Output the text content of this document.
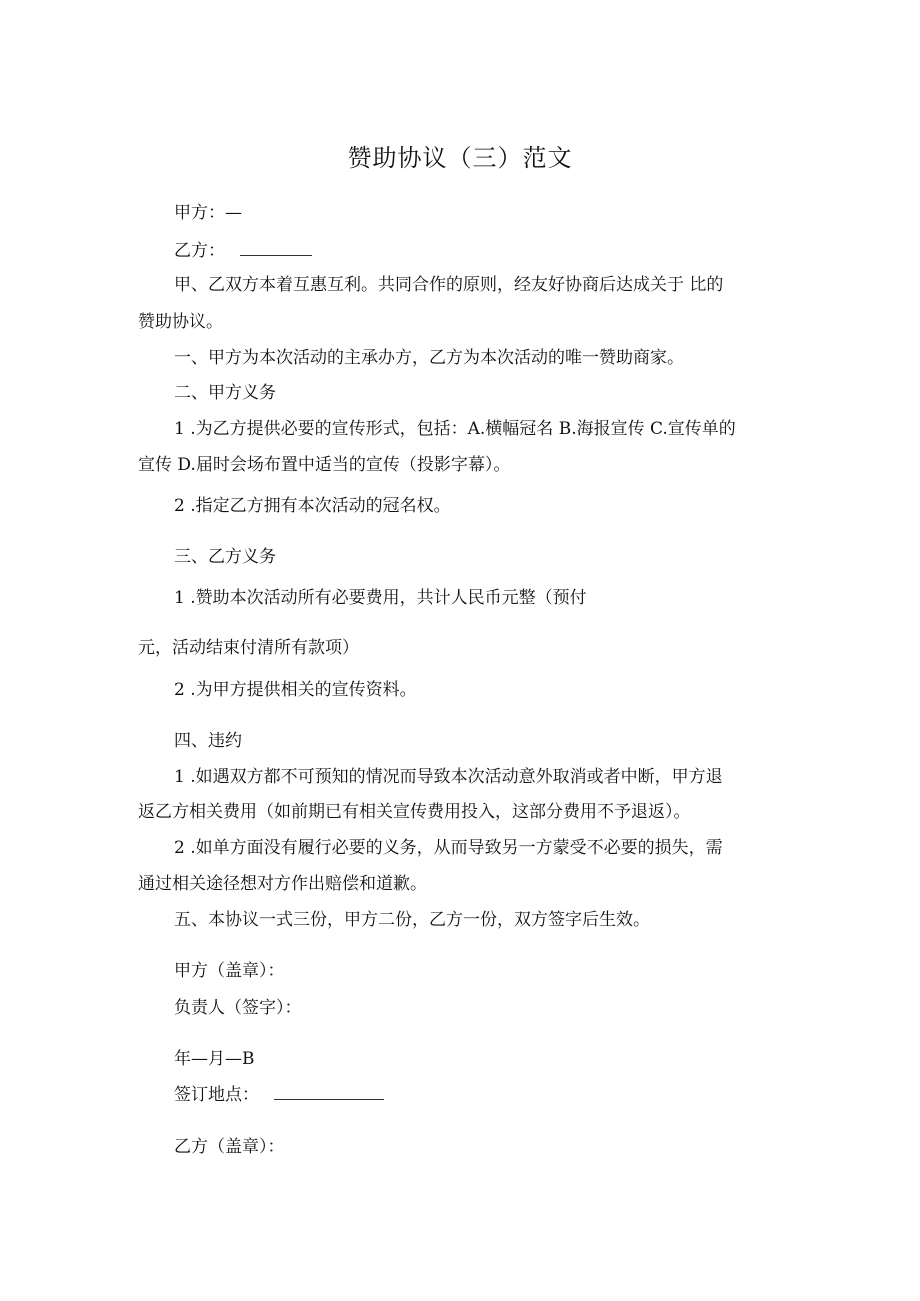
赞助协议（三）范文
甲方：—
乙方：
甲、乙双方本着互惠互利。共同合作的原则，经友好协商后达成关于 比的
赞助协议。
一、甲方为本次活动的主承办方，乙方为本次活动的唯一赞助商家。
二、甲方义务
1 .为乙方提供必要的宣传形式，包括：A.横幅冠名 B.海报宣传 C.宣传单的
宣传 D.届时会场布置中适当的宣传（投影字幕）。
2 .指定乙方拥有本次活动的冠名权。
三、乙方义务
1 .赞助本次活动所有必要费用，共计人民币元整（预付
元，活动结束付清所有款项）
2 .为甲方提供相关的宣传资料。
四、违约
1 .如遇双方都不可预知的情况而导致本次活动意外取消或者中断，甲方退
返乙方相关费用（如前期已有相关宣传费用投入，这部分费用不予退返）。
2 .如单方面没有履行必要的义务，从而导致另一方蒙受不必要的损失，需
通过相关途径想对方作出赔偿和道歉。
五、本协议一式三份，甲方二份，乙方一份，双方签字后生效。
甲方（盖章）：
负责人（签字）：
年—月—B
签订地点：
乙方（盖章）：
